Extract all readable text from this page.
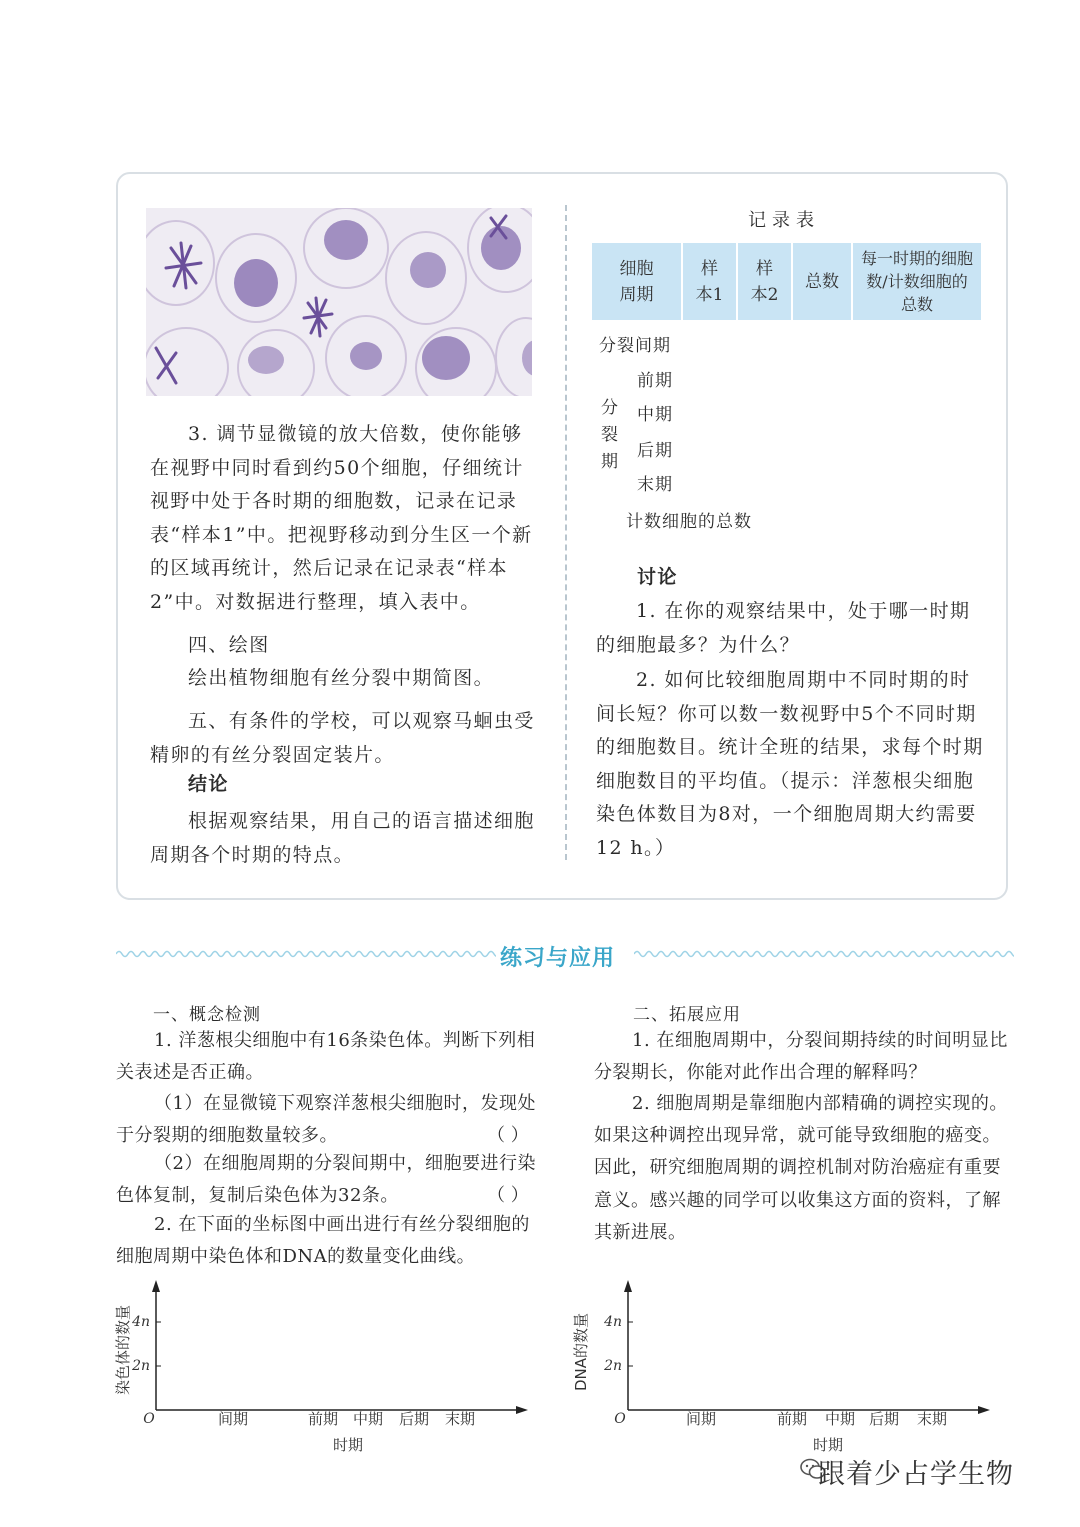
3. 调节显微镜的放大倍数，使你能够在视野中同时看到约50个细胞，仔细统计视野中处于各时期的细胞数，记录在记录表“样本1”中。把视野移动到分生区一个新的区域再统计，然后记录在记录表“样本2”中。对数据进行整理，填入表中。
四、绘图
绘出植物细胞有丝分裂中期简图。
五、有条件的学校，可以观察马蛔虫受精卵的有丝分裂固定装片。
结论
根据观察结果，用自己的语言描述细胞周期各个时期的特点。
记录表
细胞周期	样本1	样本2	总数	每一时期的细胞数/计数细胞的总数
分裂间期
分裂期
前期
中期
后期
末期
计数细胞的总数
讨论
1. 在你的观察结果中，处于哪一时期的细胞最多？为什么？
2. 如何比较细胞周期中不同时期的时间长短？你可以数一数视野中5个不同时期的细胞数目。统计全班的结果，求每个时期细胞数目的平均值。（提示：洋葱根尖细胞染色体数目为8对，一个细胞周期大约需要12 h。）
练习与应用
一、概念检测
1. 洋葱根尖细胞中有16条染色体。判断下列相关表述是否正确。
（1）在显微镜下观察洋葱根尖细胞时，发现处于分裂期的细胞数量较多。	（ ）
（2）在细胞周期的分裂间期中，细胞要进行染色体复制，复制后染色体为32条。	（ ）
2. 在下面的坐标图中画出进行有丝分裂细胞的细胞周期中染色体和DNA的数量变化曲线。
二、拓展应用
1. 在细胞周期中，分裂间期持续的时间明显比分裂期长，你能对此作出合理的解释吗？
2. 细胞周期是靠细胞内部精确的调控实现的。如果这种调控出现异常，就可能导致细胞的癌变。因此，研究细胞周期的调控机制对防治癌症有重要意义。感兴趣的同学可以收集这方面的资料，了解其新进展。
O
4n
2n
染色体的数量
间期	前期 中期 后期 末期
时期
O
4n
2n
DNA的数量
间期	前期 中期 后期 末期
时期
跟着少占学生物
